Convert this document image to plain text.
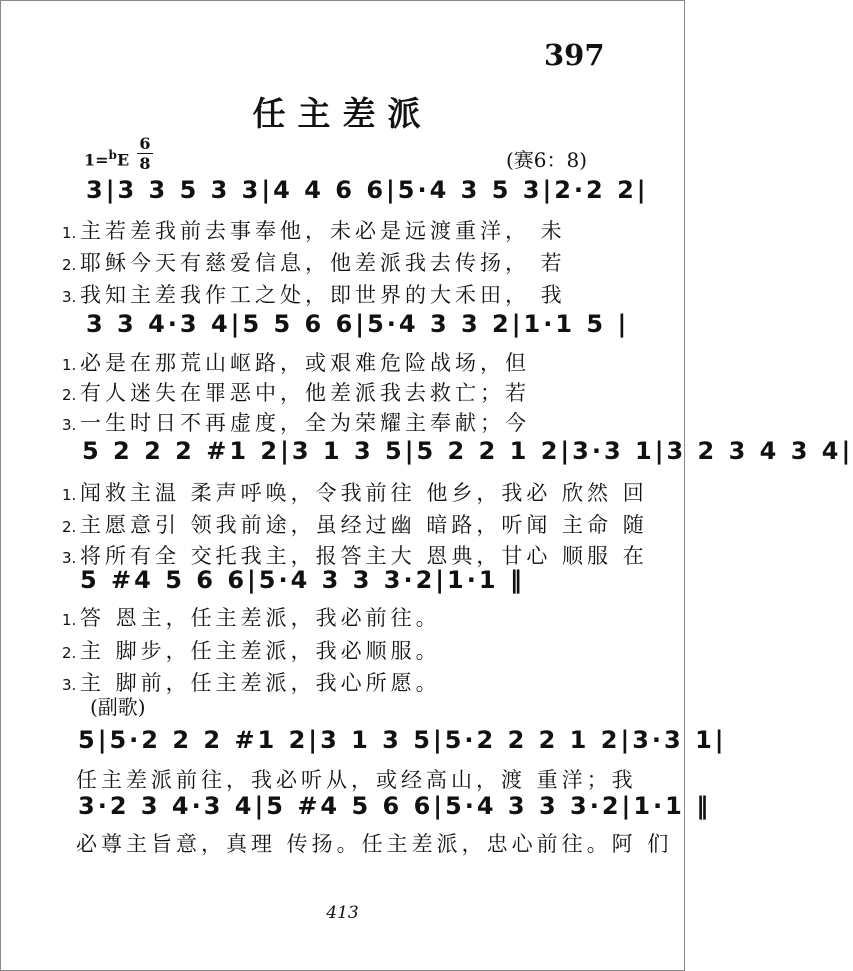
397
任主差派
1=$^b$E
6
8	(赛6：8)
3|3 3 5 3 3|4 4 6 6|5·4 3 5 3|2·2 2|
1. 主若差我前去事奉他，未必是远渡重洋， 未
2. 耶稣今天有慈爱信息，他差派我去传扬， 若
3. 我知主差我作工之处，即世界的大禾田， 我
3 3 4·3 4|5 5 6 6|5·4 3 3 2|1·1 5 |
1. 必是在那荒山岖路，或艰难危险战场，但
2. 有人迷失在罪恶中，他差派我去救亡；若
3. 一生时日不再虚度，全为荣耀主奉献；今
5 2 2 2 #1 2|3 1 3 5|5 2 2 1 2|3·3 1|3 2 3 4 3 4|
1. 闻救主温 柔声呼唤，令我前往 他乡，我必 欣然 回
2. 主愿意引 领我前途，虽经过幽 暗路，听闻 主命 随
3. 将所有全 交托我主，报答主大 恩典，甘心 顺服 在
5 #4 5 6 6|5·4 3 3 3·2|1·1 ‖
1. 答 恩主，任主差派，我必前往。
2. 主 脚步，任主差派，我必顺服。
3. 主 脚前，任主差派，我心所愿。
(副歌)
5|5·2 2 2 #1 2|3 1 3 5|5·2 2 2 1 2|3·3 1|
任主差派前往，我必听从，或经高山，渡 重洋；我
3·2 3 4·3 4|5 #4 5 6 6|5·4 3 3 3·2|1·1 ‖
必尊主旨意，真理 传扬。任主差派，忠心前往。阿 们
413
